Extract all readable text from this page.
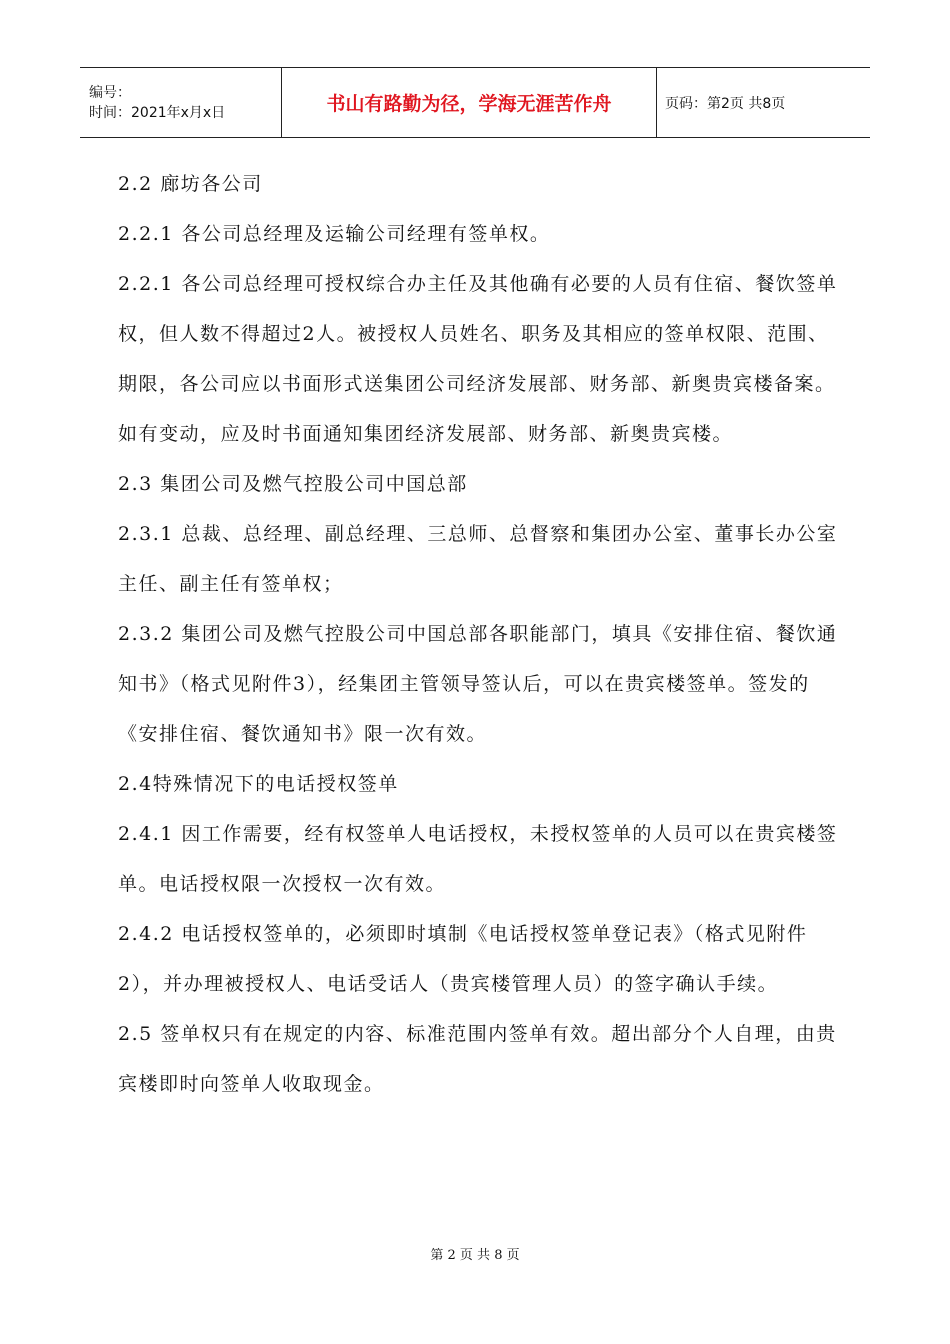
编号：
时间：2021年x月x日	书山有路勤为径，学海无涯苦作舟	页码：第2页 共8页

2.2 廊坊各公司

2.2.1 各公司总经理及运输公司经理有签单权。

2.2.1 各公司总经理可授权综合办主任及其他确有必要的人员有住宿、餐饮签单权，但人数不得超过2人。被授权人员姓名、职务及其相应的签单权限、范围、期限，各公司应以书面形式送集团公司经济发展部、财务部、新奥贵宾楼备案。如有变动，应及时书面通知集团经济发展部、财务部、新奥贵宾楼。

2.3 集团公司及燃气控股公司中国总部

2.3.1 总裁、总经理、副总经理、三总师、总督察和集团办公室、董事长办公室主任、副主任有签单权；

2.3.2 集团公司及燃气控股公司中国总部各职能部门，填具《安排住宿、餐饮通知书》（格式见附件3），经集团主管领导签认后，可以在贵宾楼签单。签发的《安排住宿、餐饮通知书》限一次有效。

2.4特殊情况下的电话授权签单

2.4.1 因工作需要，经有权签单人电话授权，未授权签单的人员可以在贵宾楼签单。电话授权限一次授权一次有效。

2.4.2 电话授权签单的，必须即时填制《电话授权签单登记表》（格式见附件2），并办理被授权人、电话受话人（贵宾楼管理人员）的签字确认手续。

2.5 签单权只有在规定的内容、标准范围内签单有效。超出部分个人自理，由贵宾楼即时向签单人收取现金。

第 2 页 共 8 页
